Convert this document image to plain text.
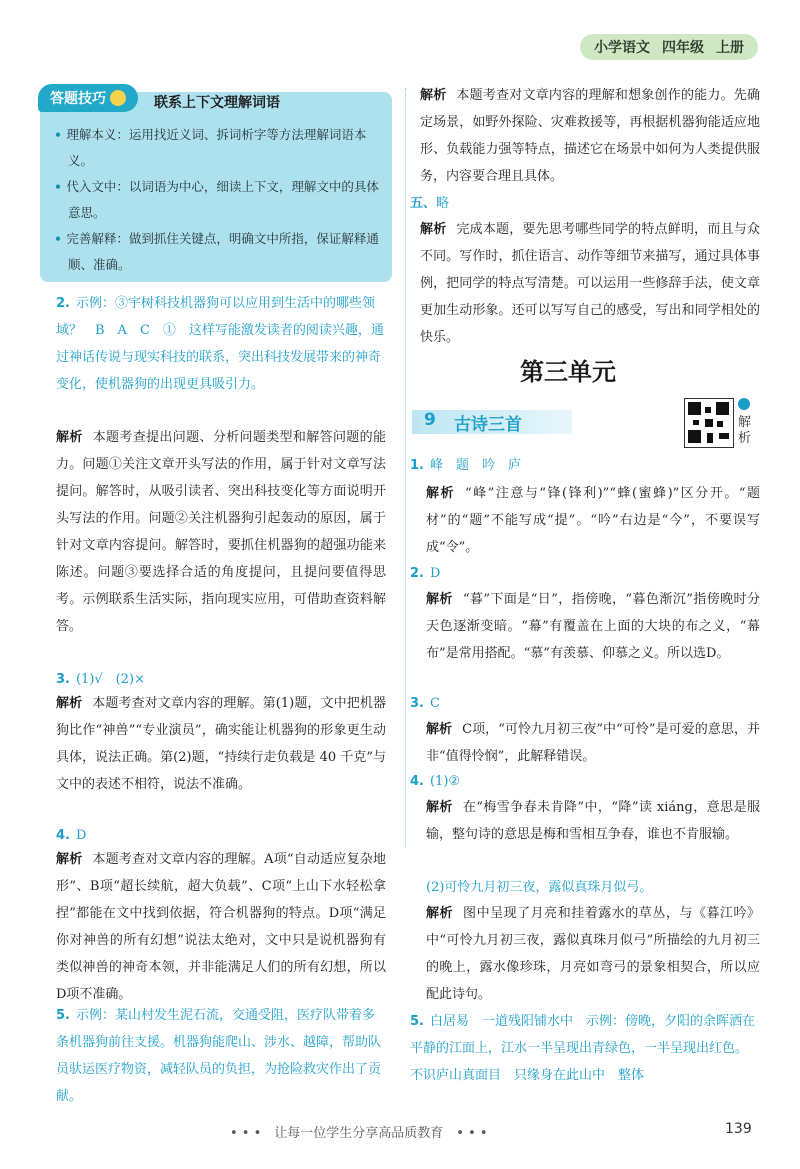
小学语文 四年级 上册
答题技巧	联系上下文理解词语
• 理解本义：运用找近义词、拆词析字等方法理解词语本义。
• 代入文中：以词语为中心，细读上下文，理解文中的具体意思。
• 完善解释：做到抓住关键点，明确文中所指，保证解释通顺、准确。
2. 示例：③宇树科技机器狗可以应用到生活中的哪些领域？　B　A　C　①　这样写能激发读者的阅读兴趣，通过神话传说与现实科技的联系，突出科技发展带来的神奇变化，使机器狗的出现更具吸引力。
解析 本题考查提出问题、分析问题类型和解答问题的能力。问题①关注文章开头写法的作用，属于针对文章写法提问。解答时，从吸引读者、突出科技变化等方面说明开头写法的作用。问题②关注机器狗引起轰动的原因，属于针对文章内容提问。解答时，要抓住机器狗的超强功能来陈述。问题③要选择合适的角度提问，且提问要值得思考。示例联系生活实际，指向现实应用，可借助查资料解答。
3. (1)√　(2)×
解析 本题考查对文章内容的理解。第(1)题，文中把机器狗比作“神兽”“专业演员”，确实能让机器狗的形象更生动具体，说法正确。第(2)题，“持续行走负载是 40 千克”与文中的表述不相符，说法不准确。
4. D
解析 本题考查对文章内容的理解。A项“自动适应复杂地形”、B项“超长续航，超大负载”、C项“上山下水轻松拿捏”都能在文中找到依据，符合机器狗的特点。D项“满足你对神兽的所有幻想”说法太绝对，文中只是说机器狗有类似神兽的神奇本领，并非能满足人们的所有幻想，所以D项不准确。
5. 示例：某山村发生泥石流，交通受阻，医疗队带着多条机器狗前往支援。机器狗能爬山、涉水、越障，帮助队员驮运医疗物资，减轻队员的负担，为抢险救灾作出了贡献。
解析 本题考查对文章内容的理解和想象创作的能力。先确定场景，如野外探险、灾难救援等，再根据机器狗能适应地形、负载能力强等特点，描述它在场景中如何为人类提供服务，内容要合理且具体。
五、略
解析 完成本题，要先思考哪些同学的特点鲜明，而且与众不同。写作时，抓住语言、动作等细节来描写，通过具体事例，把同学的特点写清楚。可以运用一些修辞手法，使文章更加生动形象。还可以写写自己的感受，写出和同学相处的快乐。
第三单元
9 古诗三首	解析
1. 峰　题　吟　庐
解析 “峰”注意与“锋(锋利)”“蜂(蜜蜂)”区分开。“题材”的“题”不能写成“提”。“吟”右边是“今”，不要误写成“令”。
2. D
解析 “暮”下面是“日”，指傍晚，“暮色渐沉”指傍晚时分天色逐渐变暗。“幕”有覆盖在上面的大块的布之义，“幕布”是常用搭配。“慕”有羡慕、仰慕之义。所以选D。
3. C
解析 C项，“可怜九月初三夜”中“可怜”是可爱的意思，并非“值得怜悯”，此解释错误。
4. (1)②
解析 在“梅雪争春未肯降”中，“降”读 xiáng，意思是服输，整句诗的意思是梅和雪相互争春，谁也不肯服输。
(2)可怜九月初三夜，露似真珠月似弓。
解析 图中呈现了月亮和挂着露水的草丛，与《暮江吟》中“可怜九月初三夜，露似真珠月似弓”所描绘的九月初三的晚上，露水像珍珠，月亮如弯弓的景象相契合，所以应配此诗句。
5. 白居易　一道残阳铺水中　示例：傍晚，夕阳的余晖洒在平静的江面上，江水一半呈现出青绿色，一半呈现出红色。　不识庐山真面目　只缘身在此山中　整体
• • •　让每一位学生分享高品质教育　• • •	139
